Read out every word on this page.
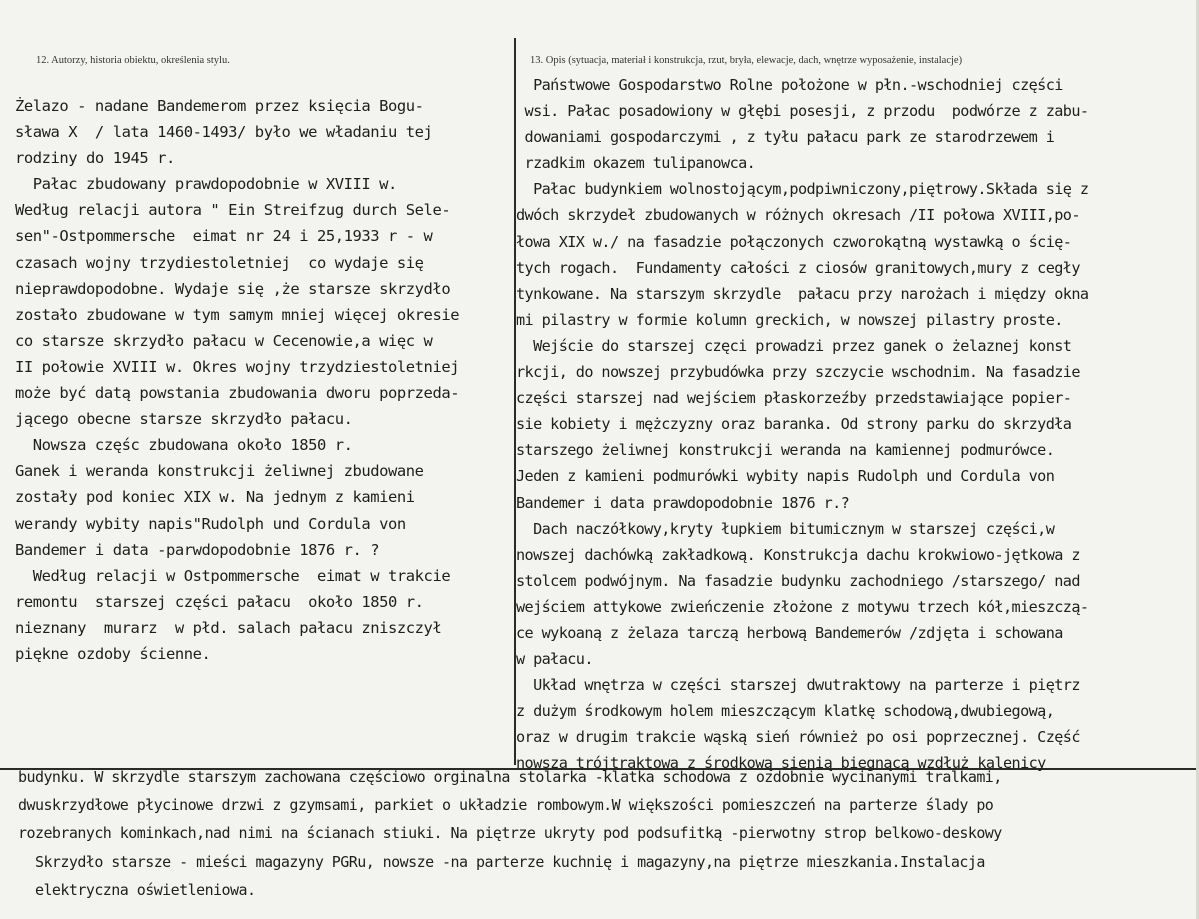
12. Autorzy, historia obiektu, określenia stylu.	13. Opis (sytuacja, materiał i konstrukcja, rzut, bryła, elewacje, dach, wnętrze wyposażenie, instalacje)
Żelazo - nadane Bandemerom przez księcia Bogu-
sława X  / lata 1460-1493/ było we władaniu tej
rodziny do 1945 r.
Pałac zbudowany prawdopodobnie w XVIII w.
Według relacji autora " Ein Streifzug durch Sele-
sen"-Ostpommersche  eimat nr 24 i 25,1933 r - w
czasach wojny trzydiestoletniej  co wydaje się
nieprawdopodobne. Wydaje się ,że starsze skrzydło
zostało zbudowane w tym samym mniej więcej okresie
co starsze skrzydło pałacu w Cecenowie,a więc w
II połowie XVIII w. Okres wojny trzydziestoletniej
może być datą powstania zbudowania dworu poprzeda-
jącego obecne starsze skrzydło pałacu.
Nowsza częśc zbudowana około 1850 r.
Ganek i weranda konstrukcji żeliwnej zbudowane
zostały pod koniec XIX w. Na jednym z kamieni
werandy wybity napis"Rudolph und Cordula von
Bandemer i data -parwdopodobnie 1876 r. ?
Według relacji w Ostpommersche  eimat w trakcie
remontu  starszej części pałacu  około 1850 r.
nieznany  murarz  w płd. salach pałacu zniszczył
piękne ozdoby ścienne.
Państwowe Gospodarstwo Rolne położone w płn.-wschodniej części
wsi. Pałac posadowiony w głębi posesji, z przodu  podwórze z zabu-
dowaniami gospodarczymi , z tyłu pałacu park ze starodrzewem i
rzadkim okazem tulipanowca.
Pałac budynkiem wolnostojącym,podpiwniczony,piętrowy.Składa się z
dwóch skrzydeł zbudowanych w różnych okresach /II połowa XVIII,po-
łowa XIX w./ na fasadzie połączonych czworokątną wystawką o ścię-
tych rogach.  Fundamenty całości z ciosów granitowych,mury z cegły
tynkowane. Na starszym skrzydle  pałacu przy narożach i między okna
mi pilastry w formie kolumn greckich, w nowszej pilastry proste.
Wejście do starszej częci prowadzi przez ganek o żelaznej konst
rkcji, do nowszej przybudówka przy szczycie wschodnim. Na fasadzie
części starszej nad wejściem płaskorzeźby przedstawiające popier-
sie kobiety i mężczyzny oraz baranka. Od strony parku do skrzydła
starszego żeliwnej konstrukcji weranda na kamiennej podmurówce.
Jeden z kamieni podmurówki wybity napis Rudolph und Cordula von
Bandemer i data prawdopodobnie 1876 r.?
Dach naczółkowy,kryty łupkiem bitumicznym w starszej części,w
nowszej dachówką zakładkową. Konstrukcja dachu krokwiowo-jętkowa z
stolcem podwójnym. Na fasadzie budynku zachodniego /starszego/ nad
wejściem attykowe zwieńczenie złożone z motywu trzech kół,mieszczą-
ce wykoaną z żelaza tarczą herbową Bandemerów /zdjęta i schowana
w pałacu.
Układ wnętrza w części starszej dwutraktowy na parterze i piętrz
z dużym środkowym holem mieszczącym klatkę schodową,dwubiegową,
oraz w drugim trakcie wąską sień również po osi poprzecznej. Część
nowsza trójtraktowa z środkową sienią biegnącą wzdłuż kalenicy
budynku. W skrzydle starszym zachowana częściowo orginalna stolarka -klatka schodowa z ozdobnie wycinanymi tralkami,
dwuskrzydłowe płycinowe drzwi z gzymsami, parkiet o układzie rombowym.W większości pomieszczeń na parterze ślady po
rozebranych kominkach,nad nimi na ścianach stiuki. Na piętrze ukryty pod podsufitką -pierwotny strop belkowo-deskowy
Skrzydło starsze - mieści magazyny PGRu, nowsze -na parterze kuchnię i magazyny,na piętrze mieszkania.Instalacja
elektryczna oświetleniowa.
